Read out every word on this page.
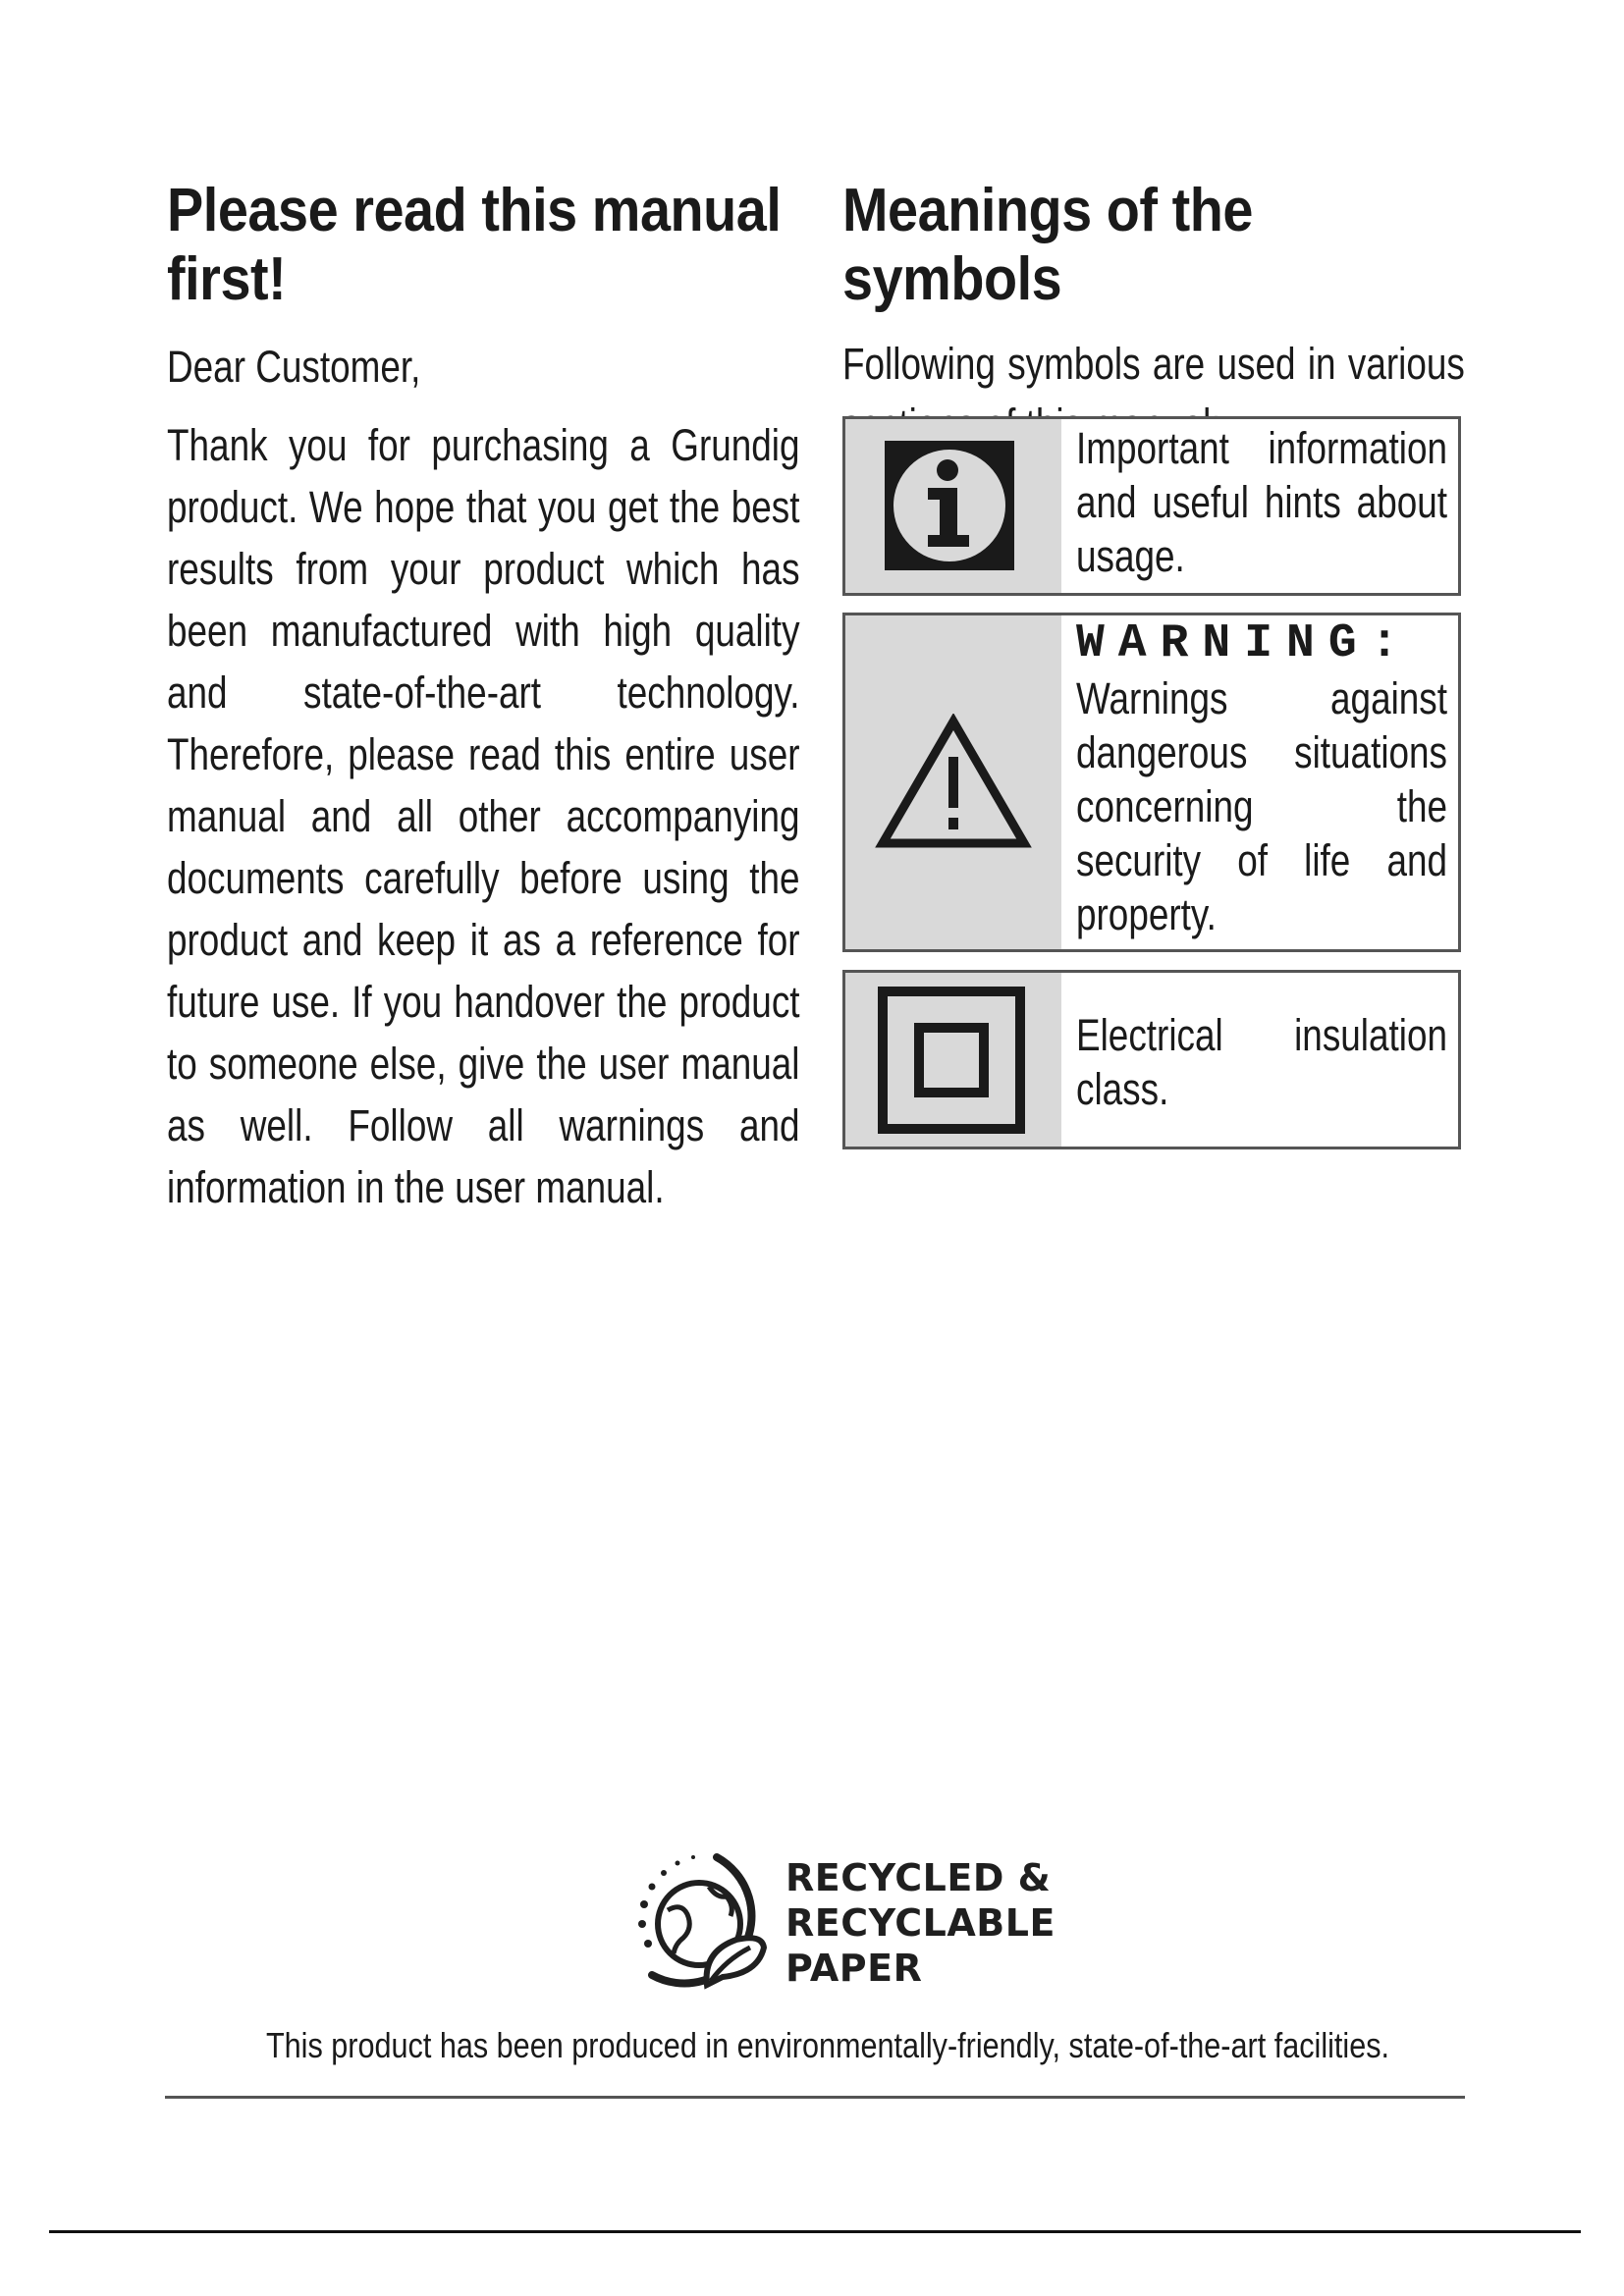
Please read this manual first!

Dear Customer,

Thank you for purchasing a Grundig product. We hope that you get the best results from your product which has been manufactured with high quality and state-of-the-art technology. Therefore, please read this entire user manual and all other accompanying documents carefully before using the product and keep it as a reference for future use. If you handover the product to someone else, give the user manual as well. Follow all warnings and information in the user manual.

Meanings of the symbols

Following symbols are used in various

Important information and useful hints about usage.
WARNING:
Warnings against dangerous situations concerning the security of life and property.
Electrical insulation class.
RECYCLED &
RECYCLABLE
PAPER
This product has been produced in environmentally-friendly, state-of-the-art facilities.
